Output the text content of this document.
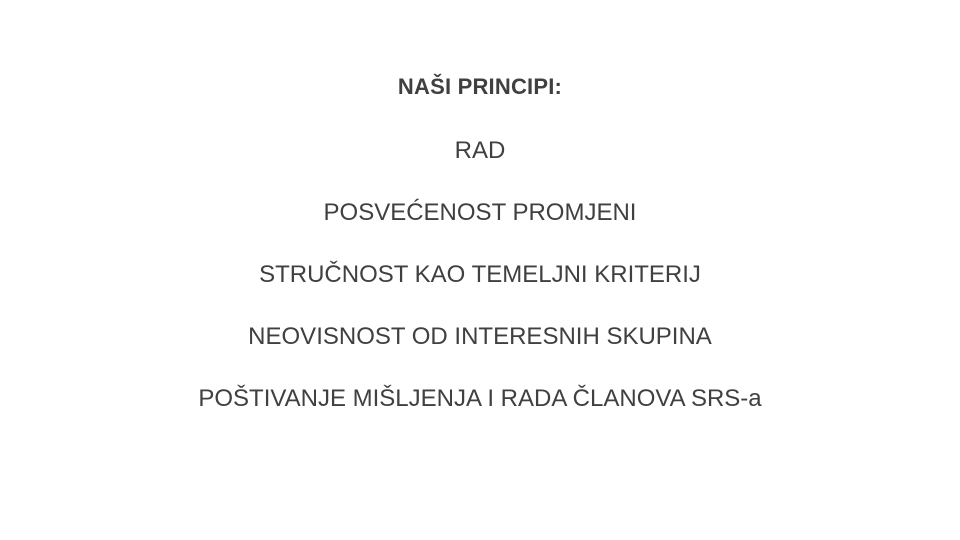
NAŠI PRINCIPI:
RAD
POSVEĆENOST PROMJENI
STRUČNOST KAO TEMELJNI KRITERIJ
NEOVISNOST OD INTERESNIH SKUPINA
POŠTIVANJE MIŠLJENJA I RADA ČLANOVA SRS-a
